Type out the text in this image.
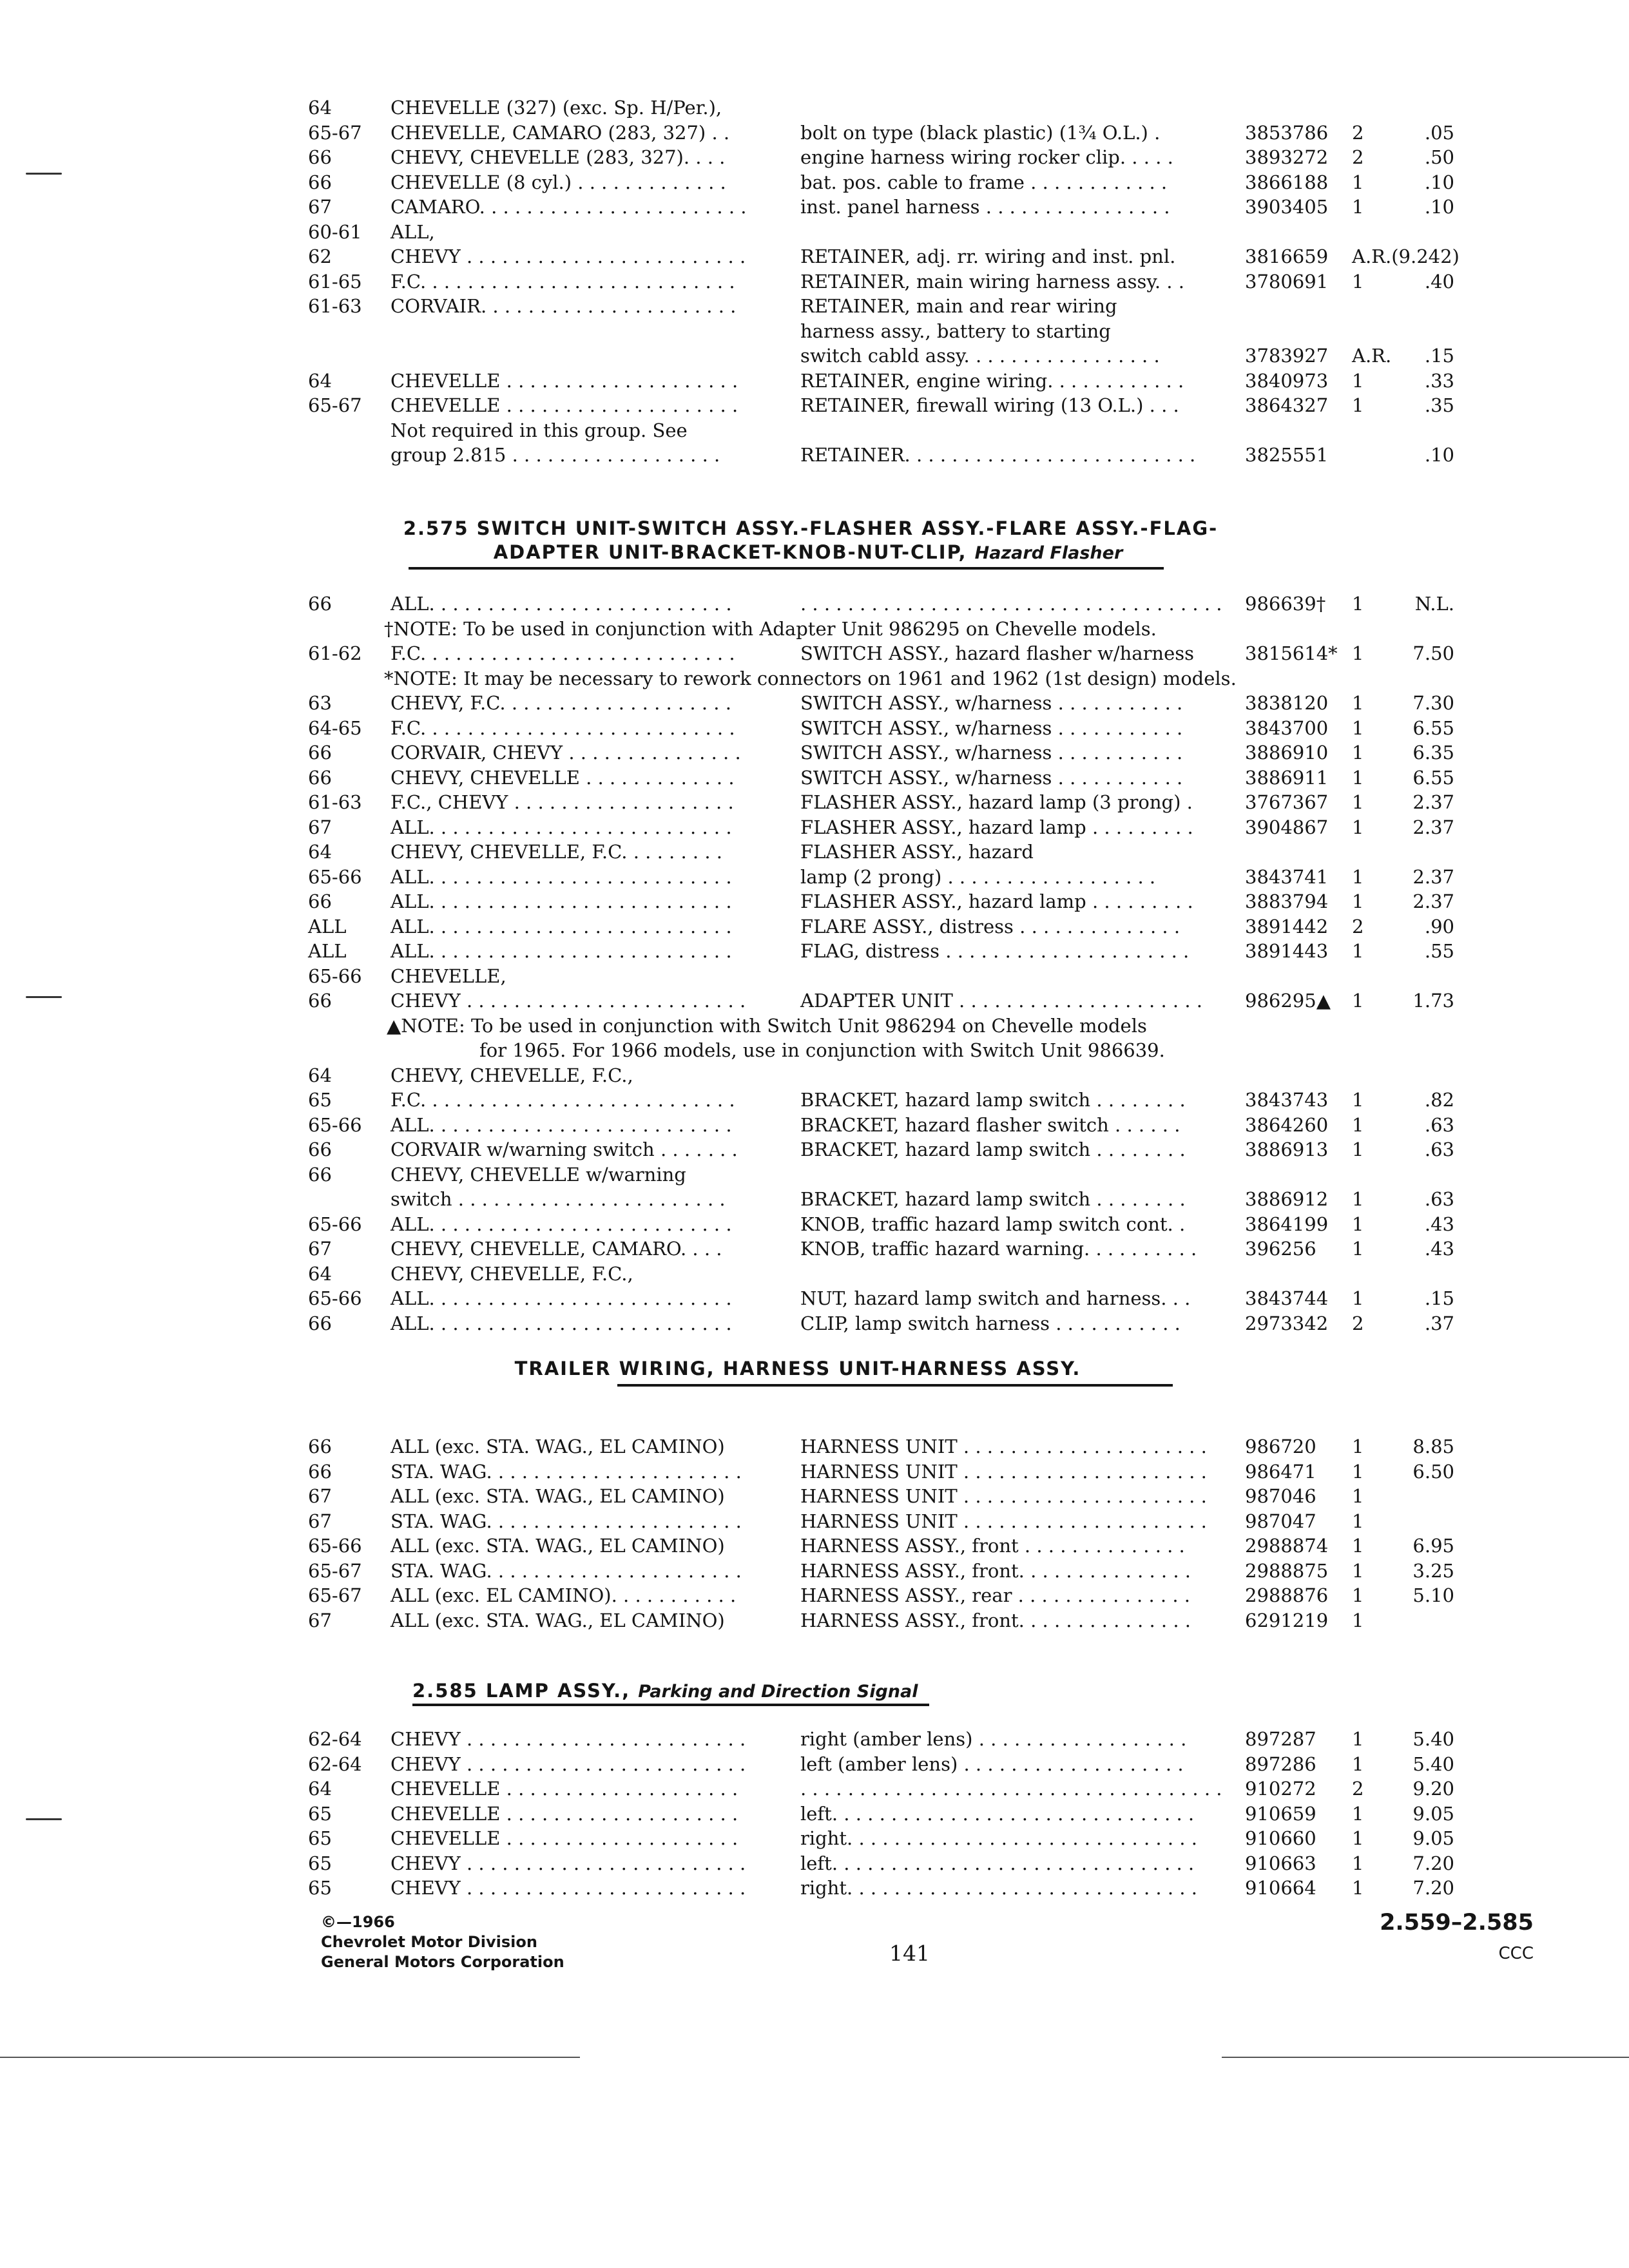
64	CHEVELLE (327) (exc. Sp. H/Per.),
65-67 CHEVELLE, CAMARO (283, 327) . .	bolt on type (black plastic) (1¾ O.L.) .	3853786 2	.05
66	CHEVY, CHEVELLE (283, 327). . . .	engine harness wiring rocker clip. . . . .	3893272 2	.50
66	CHEVELLE (8 cyl.) . . . . . . . . . . . . .	bat. pos. cable to frame . . . . . . . . . . . .	3866188 1	.10
67	CAMARO. . . . . . . . . . . . . . . . . . . . . . .	inst. panel harness . . . . . . . . . . . . . . . .	3903405 1	.10
60-61 ALL,
62	CHEVY . . . . . . . . . . . . . . . . . . . . . . . .	RETAINER, adj. rr. wiring and inst. pnl.	3816659 A.R.(9.242)
61-65 F.C. . . . . . . . . . . . . . . . . . . . . . . . . . .	RETAINER, main wiring harness assy. . .	3780691 1	.40
61-63 CORVAIR. . . . . . . . . . . . . . . . . . . . . .	RETAINER, main and rear wiring
harness assy., battery to starting
switch cabld assy. . . . . . . . . . . . . . . . .	3783927 A.R. .15
64	CHEVELLE . . . . . . . . . . . . . . . . . . . .	RETAINER, engine wiring. . . . . . . . . . . .	3840973 1	.33
65-67 CHEVELLE . . . . . . . . . . . . . . . . . . . .	RETAINER, firewall wiring (13 O.L.) . . .	3864327 1	.35
Not required in this group. See
group 2.815 . . . . . . . . . . . . . . . . . .	RETAINER. . . . . . . . . . . . . . . . . . . . . . . . .	3825551	.10
2.575 SWITCH UNIT-SWITCH ASSY.-FLASHER ASSY.-FLARE ASSY.-FLAG-
ADAPTER UNIT-BRACKET-KNOB-NUT-CLIP, Hazard Flasher
66	ALL. . . . . . . . . . . . . . . . . . . . . . . . . .	. . . . . . . . . . . . . . . . . . . . . . . . . . . . . . . . . . . . 986639† 1	N.L.
†NOTE: To be used in conjunction with Adapter Unit 986295 on Chevelle models.
61-62 F.C. . . . . . . . . . . . . . . . . . . . . . . . . . .	SWITCH ASSY., hazard flasher w/harness	3815614* 1	7.50
*NOTE: It may be necessary to rework connectors on 1961 and 1962 (1st design) models.
63	CHEVY, F.C. . . . . . . . . . . . . . . . . . . .	SWITCH ASSY., w/harness . . . . . . . . . . .	3838120 1	7.30
64-65 F.C. . . . . . . . . . . . . . . . . . . . . . . . . . .	SWITCH ASSY., w/harness . . . . . . . . . . .	3843700 1	6.55
66	CORVAIR, CHEVY . . . . . . . . . . . . . . .	SWITCH ASSY., w/harness . . . . . . . . . . .	3886910 1	6.35
66	CHEVY, CHEVELLE . . . . . . . . . . . . .	SWITCH ASSY., w/harness . . . . . . . . . . .	3886911 1	6.55
61-63 F.C., CHEVY . . . . . . . . . . . . . . . . . . .	FLASHER ASSY., hazard lamp (3 prong) .	3767367 1	2.37
67	ALL. . . . . . . . . . . . . . . . . . . . . . . . . .	FLASHER ASSY., hazard lamp . . . . . . . . .	3904867 1	2.37
64	CHEVY, CHEVELLE, F.C. . . . . . . . .	FLASHER ASSY., hazard
65-66 ALL. . . . . . . . . . . . . . . . . . . . . . . . . .	lamp (2 prong) . . . . . . . . . . . . . . . . . .	3843741 1	2.37
66	ALL. . . . . . . . . . . . . . . . . . . . . . . . . .	FLASHER ASSY., hazard lamp . . . . . . . . .	3883794 1	2.37
ALL ALL. . . . . . . . . . . . . . . . . . . . . . . . . .	FLARE ASSY., distress . . . . . . . . . . . . . .	3891442 2	.90
ALL ALL. . . . . . . . . . . . . . . . . . . . . . . . . .	FLAG, distress . . . . . . . . . . . . . . . . . . . . .	3891443 1	.55
65-66 CHEVELLE,
66	CHEVY . . . . . . . . . . . . . . . . . . . . . . . .	ADAPTER UNIT . . . . . . . . . . . . . . . . . . . . . 986295▲ 1	1.73
▲NOTE: To be used in conjunction with Switch Unit 986294 on Chevelle models
for 1965. For 1966 models, use in conjunction with Switch Unit 986639.
64	CHEVY, CHEVELLE, F.C.,
65	F.C. . . . . . . . . . . . . . . . . . . . . . . . . . .	BRACKET, hazard lamp switch . . . . . . . .	3843743 1	.82
65-66 ALL. . . . . . . . . . . . . . . . . . . . . . . . . .	BRACKET, hazard flasher switch . . . . . .	3864260 1	.63
66	CORVAIR w/warning switch . . . . . . .	BRACKET, hazard lamp switch . . . . . . . .	3886913 1	.63
66	CHEVY, CHEVELLE w/warning
switch . . . . . . . . . . . . . . . . . . . . . . .	BRACKET, hazard lamp switch . . . . . . . .	3886912 1	.63
65-66 ALL. . . . . . . . . . . . . . . . . . . . . . . . . .	KNOB, traffic hazard lamp switch cont. .	3864199 1	.43
67	CHEVY, CHEVELLE, CAMARO. . . .	KNOB, traffic hazard warning. . . . . . . . . .	396256 1	.43
64	CHEVY, CHEVELLE, F.C.,
65-66 ALL. . . . . . . . . . . . . . . . . . . . . . . . . .	NUT, hazard lamp switch and harness. . .	3843744 1	.15
66	ALL. . . . . . . . . . . . . . . . . . . . . . . . . .	CLIP, lamp switch harness . . . . . . . . . . .	2973342 2	.37
TRAILER WIRING, HARNESS UNIT-HARNESS ASSY.
66	ALL (exc. STA. WAG., EL CAMINO)	HARNESS UNIT . . . . . . . . . . . . . . . . . . . . . 986720 1	8.85
66	STA. WAG. . . . . . . . . . . . . . . . . . . . . .	HARNESS UNIT . . . . . . . . . . . . . . . . . . . . . 986471 1	6.50
67	ALL (exc. STA. WAG., EL CAMINO)	HARNESS UNIT . . . . . . . . . . . . . . . . . . . . . 987046 1
67	STA. WAG. . . . . . . . . . . . . . . . . . . . . .	HARNESS UNIT . . . . . . . . . . . . . . . . . . . . . 987047 1
65-66 ALL (exc. STA. WAG., EL CAMINO)	HARNESS ASSY., front . . . . . . . . . . . . . .	2988874 1	6.95
65-67 STA. WAG. . . . . . . . . . . . . . . . . . . . . .	HARNESS ASSY., front. . . . . . . . . . . . . . .	2988875 1	3.25
65-67 ALL (exc. EL CAMINO). . . . . . . . . . .	HARNESS ASSY., rear . . . . . . . . . . . . . . .	2988876 1	5.10
67	ALL (exc. STA. WAG., EL CAMINO)	HARNESS ASSY., front. . . . . . . . . . . . . . .	6291219 1
2.585 LAMP ASSY., Parking and Direction Signal
62-64 CHEVY . . . . . . . . . . . . . . . . . . . . . . . .	right (amber lens) . . . . . . . . . . . . . . . . . .	897287 1	5.40
62-64 CHEVY . . . . . . . . . . . . . . . . . . . . . . . .	left (amber lens) . . . . . . . . . . . . . . . . . . .	897286 1	5.40
64	CHEVELLE . . . . . . . . . . . . . . . . . . . .	. . . . . . . . . . . . . . . . . . . . . . . . . . . . . . . . . . . . 910272 2	9.20
65	CHEVELLE . . . . . . . . . . . . . . . . . . . .	left. . . . . . . . . . . . . . . . . . . . . . . . . . . . . . .	910659 1	9.05
65	CHEVELLE . . . . . . . . . . . . . . . . . . . .	right. . . . . . . . . . . . . . . . . . . . . . . . . . . . . .	910660 1	9.05
65	CHEVY . . . . . . . . . . . . . . . . . . . . . . . .	left. . . . . . . . . . . . . . . . . . . . . . . . . . . . . . .	910663 1	7.20
65	CHEVY . . . . . . . . . . . . . . . . . . . . . . . .	right. . . . . . . . . . . . . . . . . . . . . . . . . . . . . .	910664 1	7.20
©—1966
Chevrolet Motor Division
General Motors Corporation	141
2.559–2.585
CCC
